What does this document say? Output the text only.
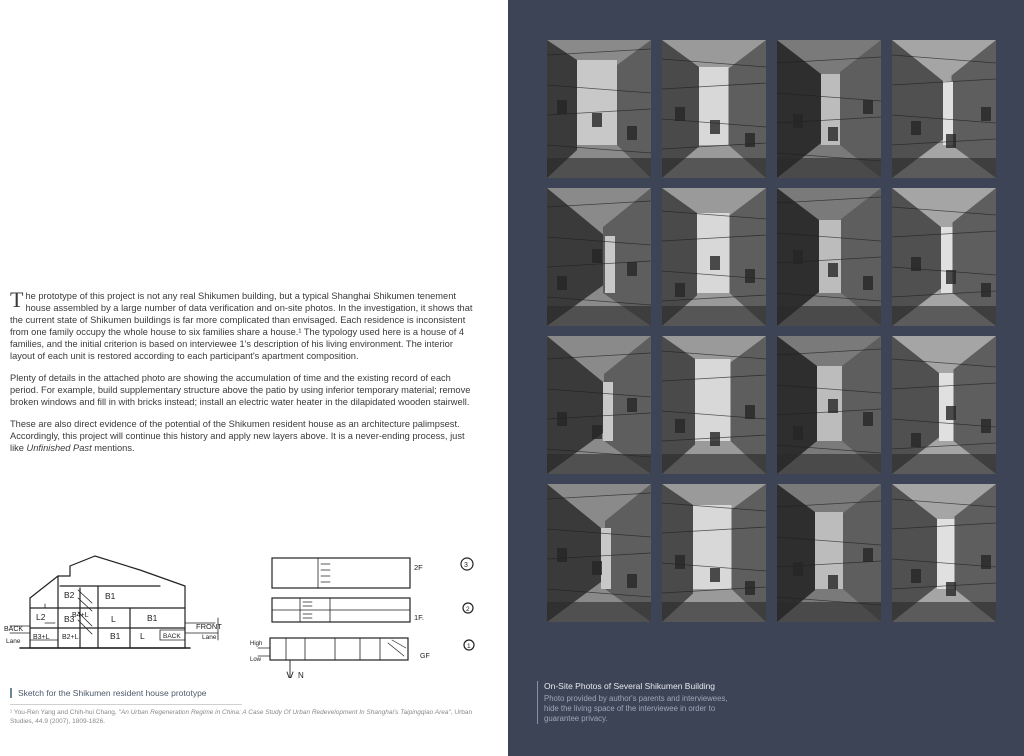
The prototype of this project is not any real Shikumen building, but a typical Shanghai Shikumen tenement house assembled by a large number of data verification and on-site photos. In the investigation, it shows that the current state of Shikumen buildings is far more complicated than envisaged. Each residence is inconsistent from one family occupy the whole house to six families share a house.¹ The typology used here is a house of 4 families, and the initial criterion is based on interviewee 1's description of his living environment. The interior layout of each unit is restored according to each participant's apartment composition.

Plenty of details in the attached photo are showing the accumulation of time and the existing record of each period. For example, build supplementary structure above the patio by using inferior temporary material; remove broken windows and fill in with bricks instead; install an electric water heater in the dilapidated wooden stairwell.

These are also direct evidence of the potential of the Shikumen resident house as an architecture palimpsest. Accordingly, this project will continue this history and apply new layers above. It is a never-ending process, just like Unfinished Past mentions.

B2	B1
B4+L	B1
L2 B3	L
B3+L B2+L	B1 L
BACK
Lane
FRONT
Lane
BACK
2F
1F.
GF
N
3
2
1
High
Low
Sketch for the Shikumen resident house prototype
¹ You-Ren Yang and Chih-hui Chang, "An Urban Regeneration Regime in China: A Case Study Of Urban Redevelopment In Shanghai's Taipingqiao Area", Urban Studies, 44.9 (2007), 1809-1826.
On-Site Photos of Several Shikumen Building
Photo provided by author's parents and interviewees, hide the living space of the interviewee in order to guarantee privacy.
